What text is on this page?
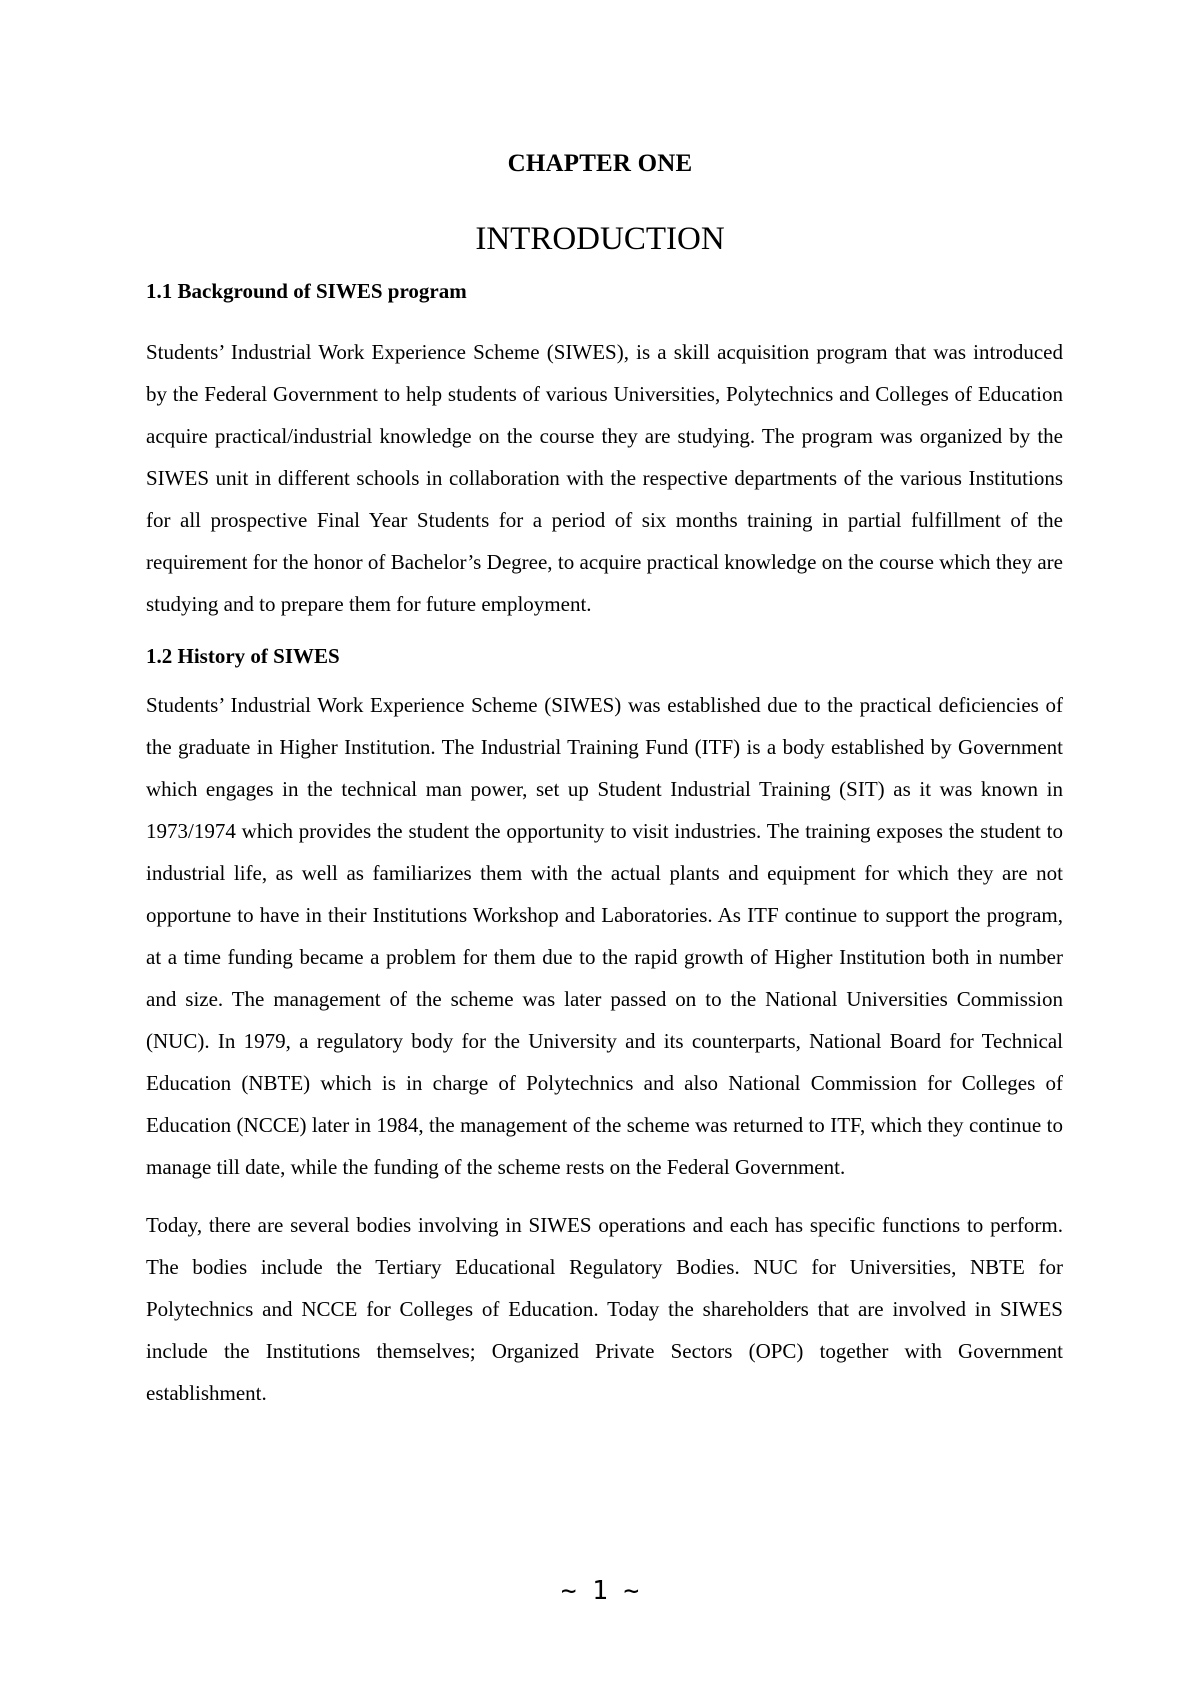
CHAPTER ONE
INTRODUCTION

1.1 Background of SIWES program

Students’ Industrial Work Experience Scheme (SIWES), is a skill acquisition program that was introduced by the Federal Government to help students of various Universities, Polytechnics and Colleges of Education acquire practical/industrial knowledge on the course they are studying. The program was organized by the SIWES unit in different schools in collaboration with the respective departments of the various Institutions for all prospective Final Year Students for a period of six months training in partial fulfillment of the requirement for the honor of Bachelor’s Degree, to acquire practical knowledge on the course which they are studying and to prepare them for future employment.

1.2 History of SIWES

Students’ Industrial Work Experience Scheme (SIWES) was established due to the practical deficiencies of the graduate in Higher Institution. The Industrial Training Fund (ITF) is a body established by Government which engages in the technical man power, set up Student Industrial Training (SIT) as it was known in 1973/1974 which provides the student the opportunity to visit industries. The training exposes the student to industrial life, as well as familiarizes them with the actual plants and equipment for which they are not opportune to have in their Institutions Workshop and Laboratories. As ITF continue to support the program, at a time funding became a problem for them due to the rapid growth of Higher Institution both in number and size. The management of the scheme was later passed on to the National Universities Commission (NUC). In 1979, a regulatory body for the University and its counterparts, National Board for Technical Education (NBTE) which is in charge of Polytechnics and also National Commission for Colleges of Education (NCCE) later in 1984, the management of the scheme was returned to ITF, which they continue to manage till date, while the funding of the scheme rests on the Federal Government.

Today, there are several bodies involving in SIWES operations and each has specific functions to perform. The bodies include the Tertiary Educational Regulatory Bodies. NUC for Universities, NBTE for Polytechnics and NCCE for Colleges of Education. Today the shareholders that are involved in SIWES include the Institutions themselves; Organized Private Sectors (OPC) together with Government establishment.

~ 1 ~
